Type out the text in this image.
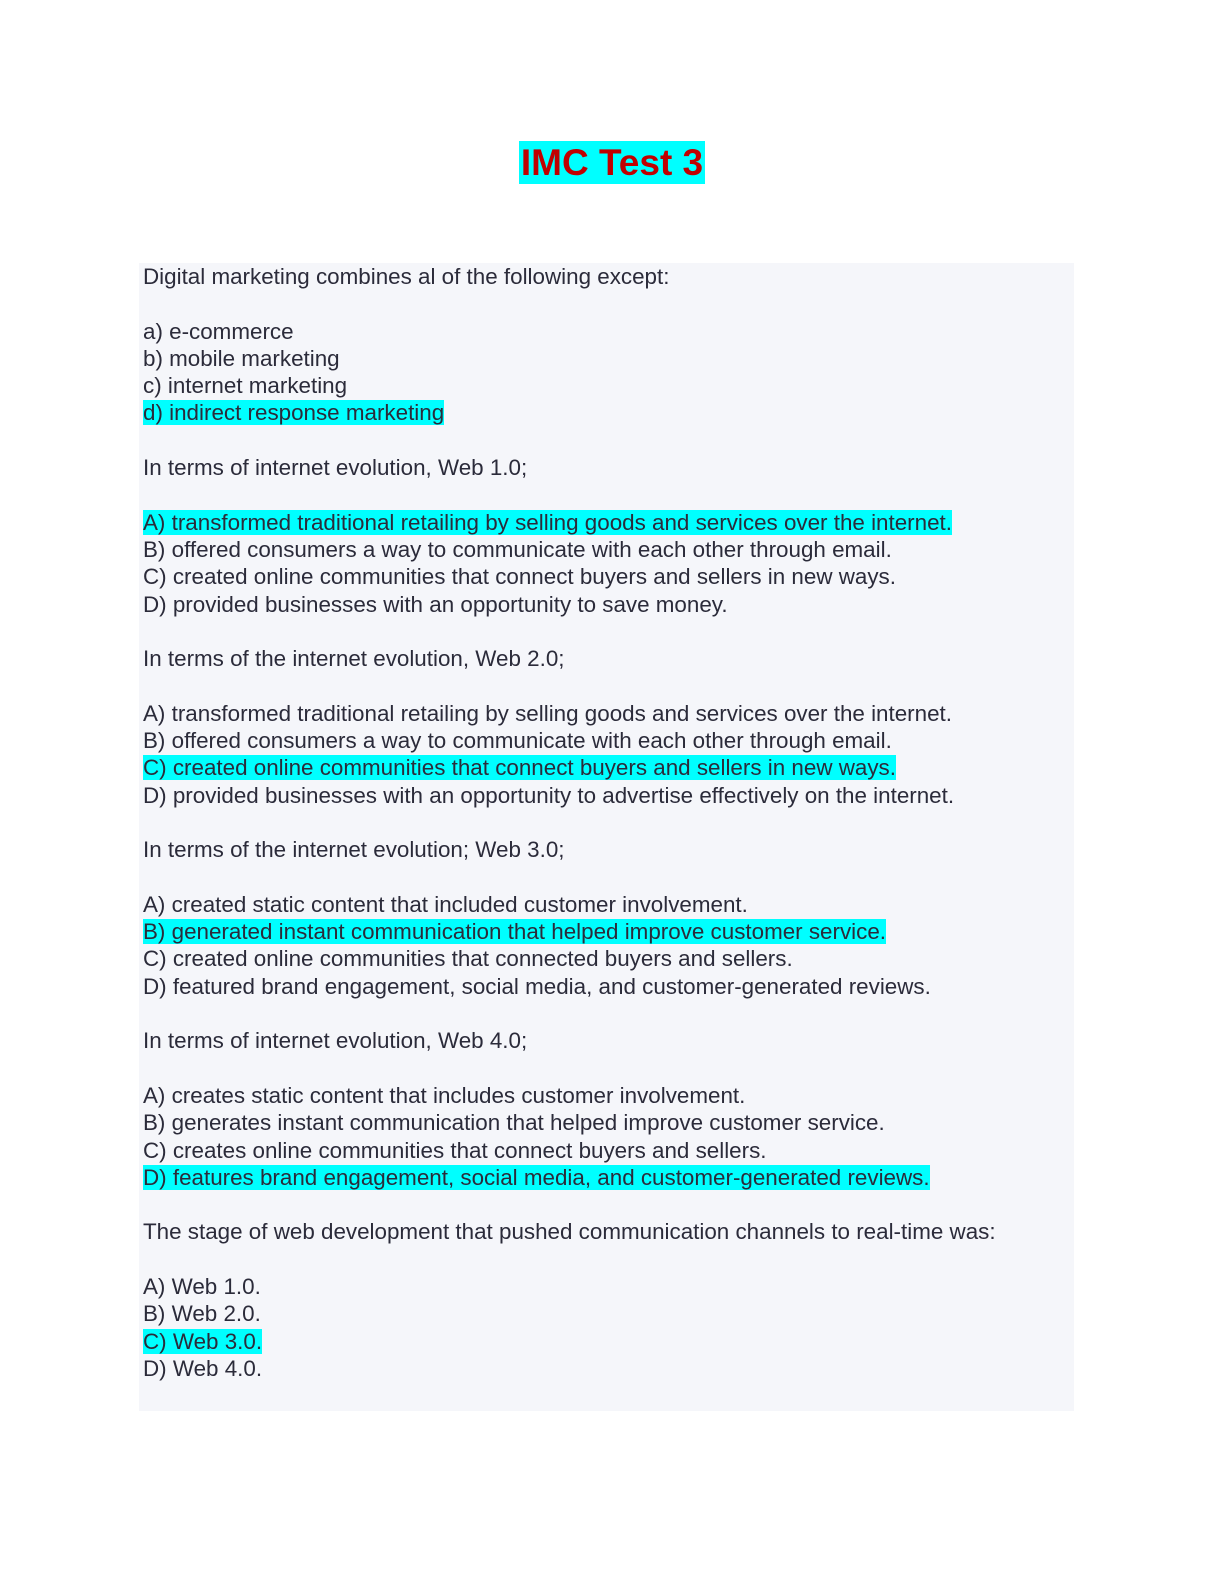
IMC Test 3
Digital marketing combines al of the following except:
a) e-commerce
b) mobile marketing
c) internet marketing
d) indirect response marketing
In terms of internet evolution, Web 1.0;
A) transformed traditional retailing by selling goods and services over the internet.
B) offered consumers a way to communicate with each other through email.
C) created online communities that connect buyers and sellers in new ways.
D) provided businesses with an opportunity to save money.
In terms of the internet evolution, Web 2.0;
A) transformed traditional retailing by selling goods and services over the internet.
B) offered consumers a way to communicate with each other through email.
C) created online communities that connect buyers and sellers in new ways.
D) provided businesses with an opportunity to advertise effectively on the internet.
In terms of the internet evolution; Web 3.0;
A) created static content that included customer involvement.
B) generated instant communication that helped improve customer service.
C) created online communities that connected buyers and sellers.
D) featured brand engagement, social media, and customer-generated reviews.
In terms of internet evolution, Web 4.0;
A) creates static content that includes customer involvement.
B) generates instant communication that helped improve customer service.
C) creates online communities that connect buyers and sellers.
D) features brand engagement, social media, and customer-generated reviews.
The stage of web development that pushed communication channels to real-time was:
A) Web 1.0.
B) Web 2.0.
C) Web 3.0.
D) Web 4.0.
